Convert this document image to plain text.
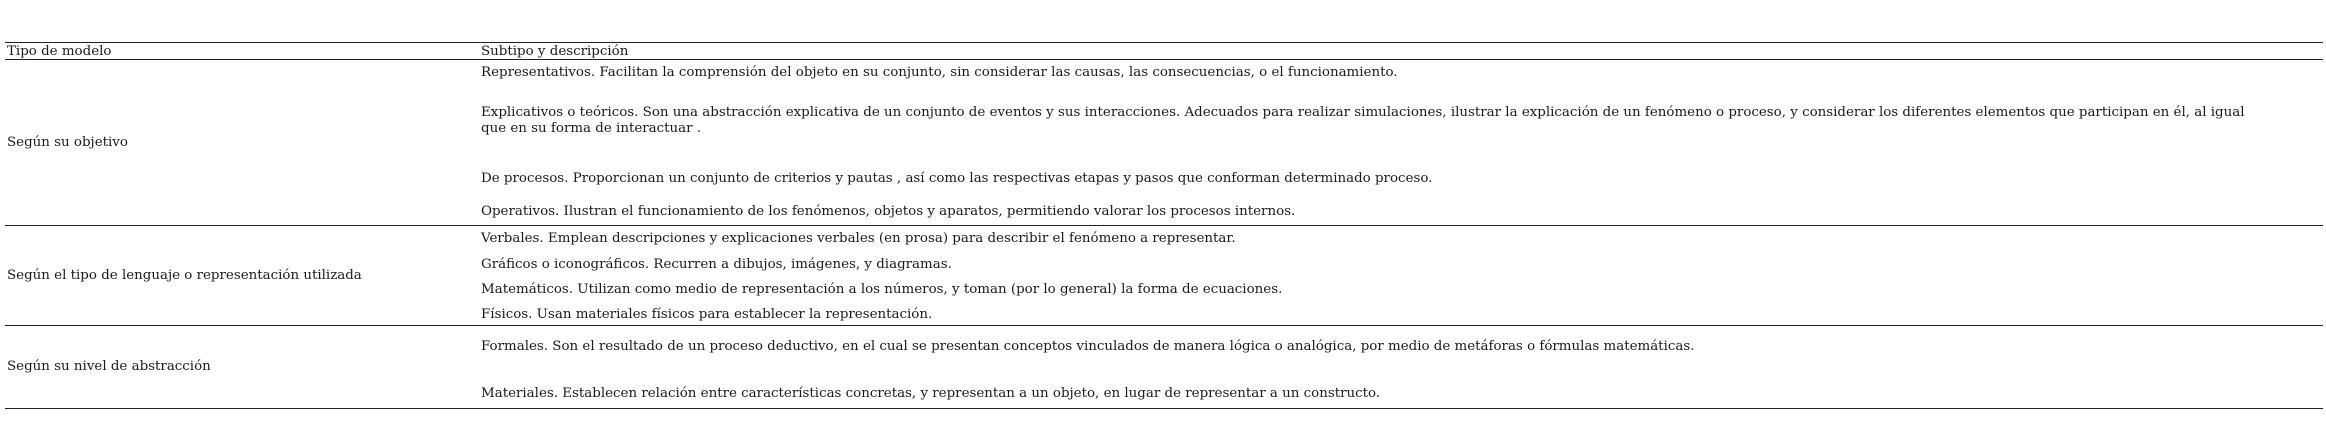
Tipo de modelo	Subtipo y descripción
Según su objetivo	Representativos. Facilitan la comprensión del objeto en su conjunto, sin considerar las causas, las consecuencias, o el funcionamiento.

	Explicativos o teóricos. Son una abstracción explicativa de un conjunto de eventos y sus interacciones. Adecuados para realizar simulaciones, ilustrar la explicación de un fenómeno o proceso, y considerar los diferentes elementos que participan en él, al igual que en su forma de interactuar .

	De procesos. Proporcionan un conjunto de criterios y pautas , así como las respectivas etapas y pasos que conforman determinado proceso.

	Operativos. Ilustran el funcionamiento de los fenómenos, objetos y aparatos, permitiendo valorar los procesos internos.

Según el tipo de lenguaje o representación utilizada	Verbales. Emplean descripciones y explicaciones verbales (en prosa) para describir el fenómeno a representar.

	Gráficos o iconográficos. Recurren a dibujos, imágenes, y diagramas.

	Matemáticos. Utilizan como medio de representación a los números, y toman (por lo general) la forma de ecuaciones.

	Físicos. Usan materiales físicos para establecer la representación.

Según su nivel de abstracción	Formales. Son el resultado de un proceso deductivo, en el cual se presentan conceptos vinculados de manera lógica o analógica, por medio de metáforas o fórmulas matemáticas.

	Materiales. Establecen relación entre características concretas, y representan a un objeto, en lugar de representar a un constructo.
